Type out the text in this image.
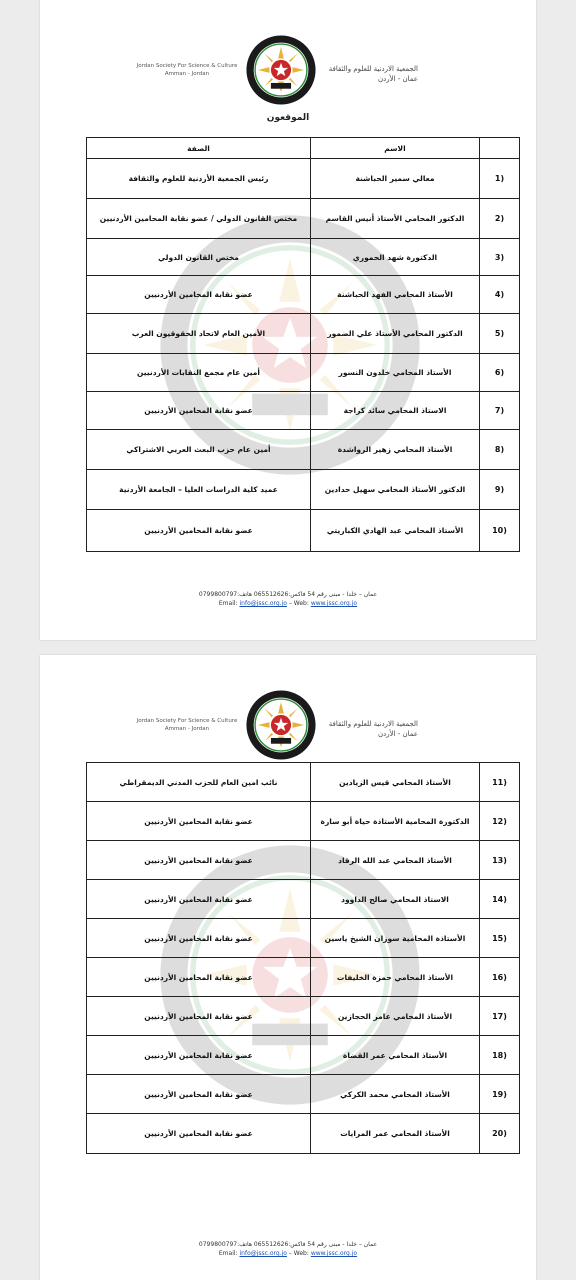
Jordan Society For Science & Culture
Amman - Jordan
2001
الجمعية الاردنية للعلوم والثقافة
عمان - الأردن
الموقعون
الصفة	الاسم	
رئيس الجمعية الأردنية للعلوم والثقافة	معالي سمير الحباشنة	1)
مختص القانون الدولي / عضو نقابة المحامين الأردنيين	الدكتور المحامي الأستاذ أنيس القاسم	2)
مختص القانون الدولي	الدكتورة شهد الحموري	3)
عضو نقابة المحامين الأردنيين	الأستاذ المحامي الفهد الحباشنة	4)
الأمين العام لاتحاد الحقوقيون العرب	الدكتور المحامي الأستاذ علي الضمور	5)
أمين عام مجمع النقابات الأردنيين	الأستاذ المحامي خلدون النسور	6)
عضو نقابة المحامين الأردنيين	الاستاذ المحامي سائد كراجة	7)
أمين عام حزب البعث العربي الاشتراكي	الأستاذ المحامي زهير الرواشدة	8)
عميد كلية الدراسات العليا – الجامعة الأردنية	الدكتور الأستاذ المحامي سهيل حدادين	9)
عضو نقابة المحامين الأردنيين	الأستاذ المحامي عبد الهادي الكباريتي	10)
عمان – خلدا - مبنى رقم 54 فاكس:065512626 هاتف:0799800797
Email: info@jssc.org.jo – Web: www.jssc.org.jo
Jordan Society For Science & Culture
Amman - Jordan
2001
الجمعية الاردنية للعلوم والثقافة
عمان - الأردن
نائب امين العام للحزب المدني الديمقراطي	الأستاذ المحامي قيس الزيادين	11)
عضو نقابة المحامين الأردنيين	الدكتورة المحامية الأستاذة حياة أبو سارة	12)
عضو نقابة المحامين الأردنيين	الأستاذ المحامي عبد الله الرقاد	13)
عضو نقابة المحامين الأردنيين	الاستاذ المحامي صالح الداوود	14)
عضو نقابة المحامين الأردنيين	الأستاذة المحامية سوزان الشيخ ياسين	15)
عضو نقابة المحامين الأردنيين	الأستاذ المحامي حمزة الخليفات	16)
عضو نقابة المحامين الأردنيين	الأستاذ المحامي عامر الحجازين	17)
عضو نقابة المحامين الأردنيين	الأستاذ المحامي عمر القضاة	18)
عضو نقابة المحامين الأردنيين	الأستاذ المحامي محمد الكركي	19)
عضو نقابة المحامين الأردنيين	الأستاذ المحامي عمر المرايات	20)
عمان – خلدا - مبنى رقم 54 فاكس:065512626 هاتف:0799800797
Email: info@jssc.org.jo – Web: www.jssc.org.jo
